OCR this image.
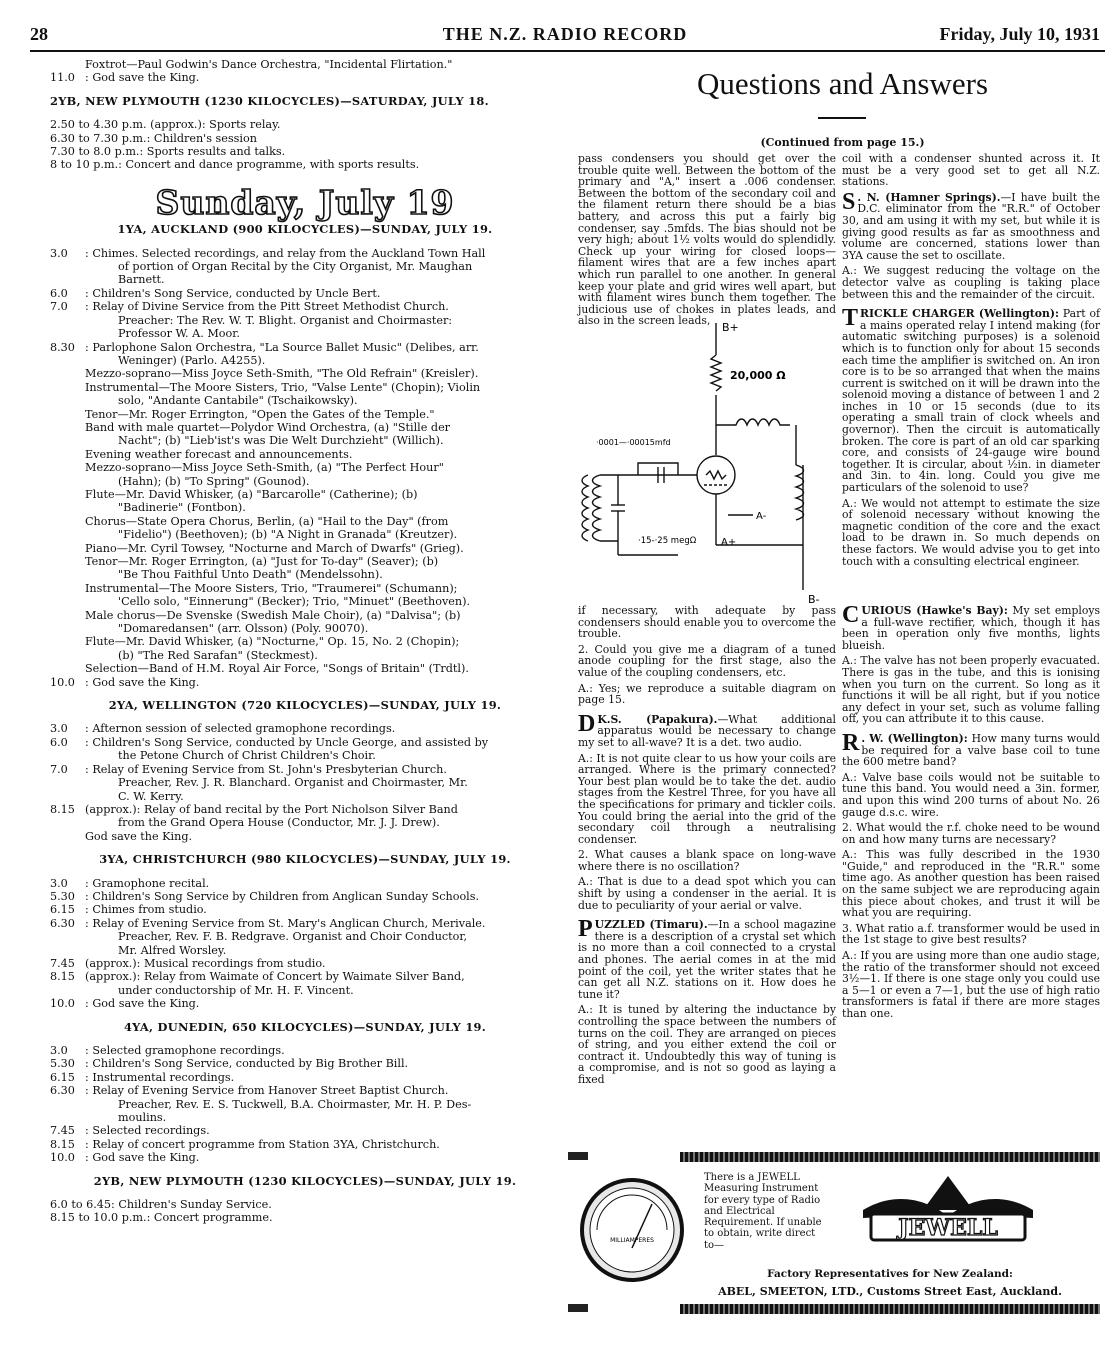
28	THE N.Z. RADIO RECORD	Friday, July 10, 1931
Foxtrot—Paul Godwin's Dance Orchestra, "Incidental Flirtation."
11.0 : God save the King.
2YB, NEW PLYMOUTH (1230 KILOCYCLES)—SATURDAY, JULY 18.
2.50 to 4.30 p.m. (approx.): Sports relay.
6.30 to 7.30 p.m.: Children's session
7.30 to 8.0 p.m.: Sports results and talks.
8 to 10 p.m.: Concert and dance programme, with sports results.
Sunday, July 19
1YA, AUCKLAND (900 KILOCYCLES)—SUNDAY, JULY 19.
3.0 : Chimes. Selected recordings, and relay from the Auckland Town Hall
of portion of Organ Recital by the City Organist, Mr. Maughan
Barnett.
6.0 : Children's Song Service, conducted by Uncle Bert.
7.0 : Relay of Divine Service from the Pitt Street Methodist Church.
Preacher: The Rev. W. T. Blight. Organist and Choirmaster:
Professor W. A. Moor.
8.30 : Parlophone Salon Orchestra, "La Source Ballet Music" (Delibes, arr.
Weninger) (Parlo. A4255).
Mezzo-soprano—Miss Joyce Seth-Smith, "The Old Refrain" (Kreisler).
Instrumental—The Moore Sisters, Trio, "Valse Lente" (Chopin); Violin
solo, "Andante Cantabile" (Tschaikowsky).
Tenor—Mr. Roger Errington, "Open the Gates of the Temple."
Band with male quartet—Polydor Wind Orchestra, (a) "Stille der
Nacht"; (b) "Lieb'ist's was Die Welt Durchzieht" (Willich).
Evening weather forecast and announcements.
Mezzo-soprano—Miss Joyce Seth-Smith, (a) "The Perfect Hour"
(Hahn); (b) "To Spring" (Gounod).
Flute—Mr. David Whisker, (a) "Barcarolle" (Catherine); (b)
"Badinerie" (Fontbon).
Chorus—State Opera Chorus, Berlin, (a) "Hail to the Day" (from
"Fidelio") (Beethoven); (b) "A Night in Granada" (Kreutzer).
Piano—Mr. Cyril Towsey, "Nocturne and March of Dwarfs" (Grieg).
Tenor—Mr. Roger Errington, (a) "Just for To-day" (Seaver); (b)
"Be Thou Faithful Unto Death" (Mendelssohn).
Instrumental—The Moore Sisters, Trio, "Traumerei" (Schumann);
'Cello solo, "Einnerung" (Becker); Trio, "Minuet" (Beethoven).
Male chorus—De Svenske (Swedish Male Choir), (a) "Dalvisa"; (b)
"Domaredansen" (arr. Olsson) (Poly. 90070).
Flute—Mr. David Whisker, (a) "Nocturne," Op. 15, No. 2 (Chopin);
(b) "The Red Sarafan" (Steckmest).
Selection—Band of H.M. Royal Air Force, "Songs of Britain" (Trdtl).
10.0 : God save the King.
2YA, WELLINGTON (720 KILOCYCLES)—SUNDAY, JULY 19.
3.0 : Afternon session of selected gramophone recordings.
6.0 : Children's Song Service, conducted by Uncle George, and assisted by
the Petone Church of Christ Children's Choir.
7.0 : Relay of Evening Service from St. John's Presbyterian Church.
Preacher, Rev. J. R. Blanchard. Organist and Choirmaster, Mr.
C. W. Kerry.
8.15 (approx.): Relay of band recital by the Port Nicholson Silver Band
from the Grand Opera House (Conductor, Mr. J. J. Drew).
God save the King.
3YA, CHRISTCHURCH (980 KILOCYCLES)—SUNDAY, JULY 19.
3.0 : Gramophone recital.
5.30 : Children's Song Service by Children from Anglican Sunday Schools.
6.15 : Chimes from studio.
6.30 : Relay of Evening Service from St. Mary's Anglican Church, Merivale.
Preacher, Rev. F. B. Redgrave. Organist and Choir Conductor,
Mr. Alfred Worsley.
7.45 (approx.): Musical recordings from studio.
8.15 (approx.): Relay from Waimate of Concert by Waimate Silver Band,
under conductorship of Mr. H. F. Vincent.
10.0 : God save the King.
4YA, DUNEDIN, 650 KILOCYCLES)—SUNDAY, JULY 19.
3.0 : Selected gramophone recordings.
5.30 : Children's Song Service, conducted by Big Brother Bill.
6.15 : Instrumental recordings.
6.30 : Relay of Evening Service from Hanover Street Baptist Church.
Preacher, Rev. E. S. Tuckwell, B.A. Choirmaster, Mr. H. P. Des-
moulins.
7.45 : Selected recordings.
8.15 : Relay of concert programme from Station 3YA, Christchurch.
10.0 : God save the King.
2YB, NEW PLYMOUTH (1230 KILOCYCLES)—SUNDAY, JULY 19.
6.0 to 6.45: Children's Sunday Service.
8.15 to 10.0 p.m.: Concert programme.
Questions and Answers
(Continued from page 15.)

pass condensers you should get over the trouble quite well. Between the bottom of the primary and "A," insert a .006 condenser. Between the bottom of the secondary coil and the filament return there should be a bias battery, and across this put a fairly big condenser, say .5mfds. The bias should not be very high; about 1½ volts would do splendidly. Check up your wiring for closed loops—filament wires that are a few inches apart which run parallel to one another. In general keep your plate and grid wires well apart, but with filament wires bunch them together. The judicious use of chokes in plates leads, and also in the screen leads,

coil with a condenser shunted across it. It must be a very good set to get all N.Z. stations.

S . N. (Hamner Springs).—I have built the D.C. eliminator from the "R.R." of October 30, and am using it with my set, but while it is giving good results as far as smoothness and volume are concerned, stations lower than 3YA cause the set to oscillate.

A.: We suggest reducing the voltage on the detector valve as coupling is taking place between this and the remainder of the circuit.

TRICKLE CHARGER (Wellington): Part of a mains operated relay I intend making (for automatic switching purposes) is a solenoid which is to function only for about 15 seconds each time the amplifier is switched on. An iron core is to be so arranged that when the mains current is switched on it will be drawn into the solenoid moving a distance of between 1 and 2 inches in 10 or 15 seconds (due to its operating a small train of clock wheels and governor). Then the circuit is automatically broken. The core is part of an old car sparking core, and consists of 24-gauge wire bound together. It is circular, about ½in. in diameter and 3in. to 4in. long. Could you give me particulars of the solenoid to use?

A.: We would not attempt to estimate the size of solenoid necessary without knowing the magnetic condition of the core and the exact load to be drawn in. So much depends on these factors. We would advise you to get into touch with a consulting electrical engineer.

B+
20,000 Ω
·0001—·00015mfd
·15-·25 megΩ
A-
A+
B-

if necessary, with adequate by pass condensers should enable you to overcome the trouble.

2. Could you give me a diagram of a tuned anode coupling for the first stage, also the value of the coupling condensers, etc.

A.: Yes; we reproduce a suitable diagram on page 15.

D K.S. (Papakura).—What additional apparatus would be necessary to change my set to all-wave? It is a det. two audio.

A.: It is not quite clear to us how your coils are arranged. Where is the primary connected? Your best plan would be to take the det. audio stages from the Kestrel Three, for you have all the specifications for primary and tickler coils. You could bring the aerial into the grid of the secondary coil through a neutralising condenser.

2. What causes a blank space on long-wave where there is no oscillation?

A.: That is due to a dead spot which you can shift by using a condenser in the aerial. It is due to peculiarity of your aerial or valve.

PUZZLED (Timaru).—In a school magazine there is a description of a crystal set which is no more than a coil connected to a crystal and phones. The aerial comes in at the mid point of the coil, yet the writer states that he can get all N.Z. stations on it. How does he tune it?

A.: It is tuned by altering the inductance by controlling the space between the numbers of turns on the coil. They are arranged on pieces of string, and you either extend the coil or contract it. Undoubtedly this way of tuning is a compromise, and is not so good as laying a fixed

CURIOUS (Hawke's Bay): My set employs a full-wave rectifier, which, though it has been in operation only five months, lights blueish.

A.: The valve has not been properly evacuated. There is gas in the tube, and this is ionising when you turn on the current. So long as it functions it will be all right, but if you notice any defect in your set, such as volume falling off, you can attribute it to this cause.

R . W. (Wellington): How many turns would be required for a valve base coil to tune the 600 metre band?

A.: Valve base coils would not be suitable to tune this band. You would need a 3in. former, and upon this wind 200 turns of about No. 26 gauge d.s.c. wire.

2. What would the r.f. choke need to be wound on and how many turns are necessary?

A.: This was fully described in the 1930 "Guide," and reproduced in the "R.R." some time ago. As another question has been raised on the same subject we are reproducing again this piece about chokes, and trust it will be what you are requiring.

3. What ratio a.f. transformer would be used in the 1st stage to give best results?

A.: If you are using more than one audio stage, the ratio of the transformer should not exceed 3½—1. If there is one stage only you could use a 5—1 or even a 7—1, but the use of high ratio transformers is fatal if there are more stages than one.

MILLIAMPERES
There is a JEWELL Measuring Instrument for every type of Radio and Electrical Requirement. If unable to obtain, write direct to—
JEWELL
Factory Representatives for New Zealand:
ABEL, SMEETON, LTD., Customs Street East, Auckland.
